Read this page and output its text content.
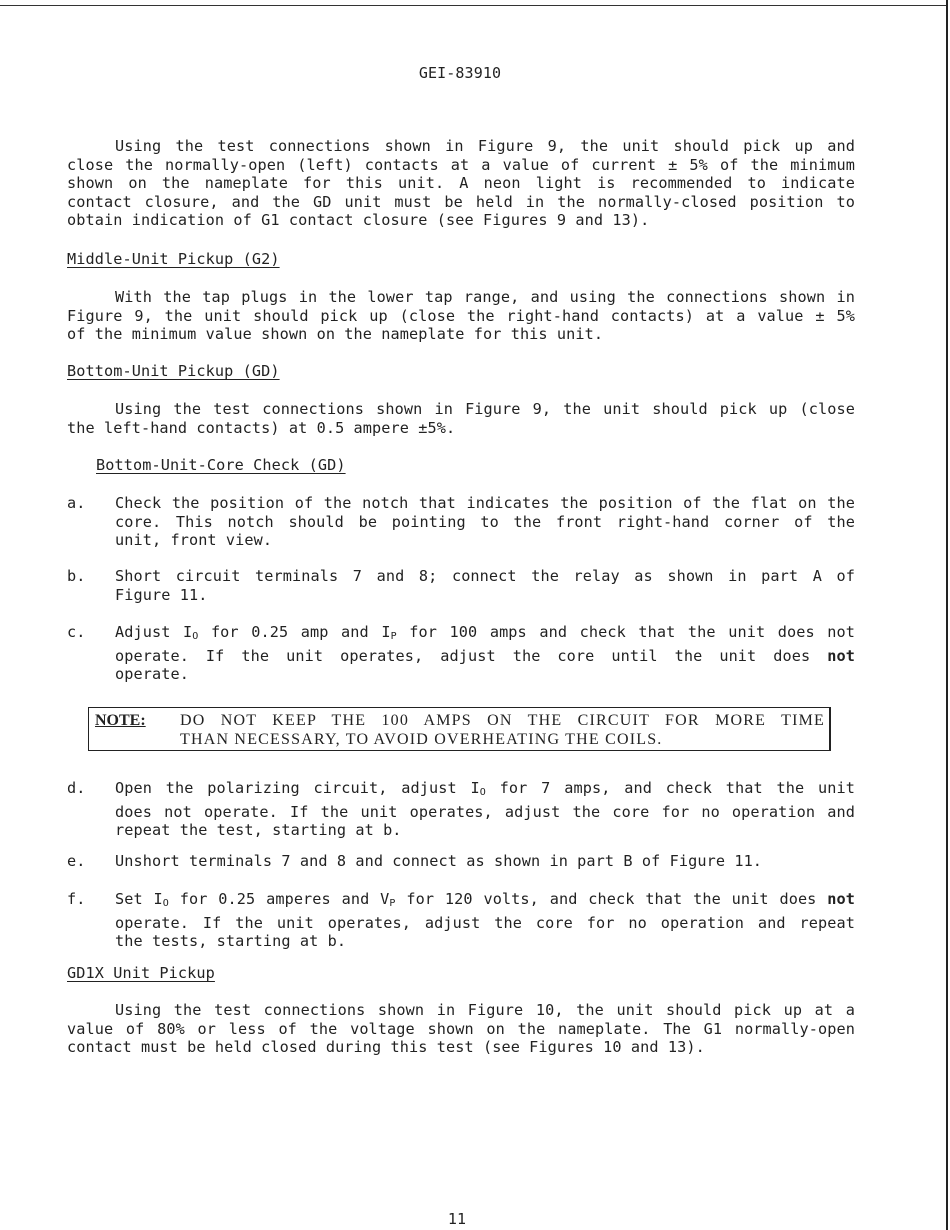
GEI-83910
Using the test connections shown in Figure 9, the unit should pick up and
close the normally-open (left) contacts at a value of current ± 5% of the minimum
shown on the nameplate for this unit. A neon light is recommended to indicate
contact closure, and the GD unit must be held in the normally-closed position to
obtain indication of G1 contact closure (see Figures 9 and 13).
Middle-Unit Pickup (G2)
With the tap plugs in the lower tap range, and using the connections shown in
Figure 9, the unit should pick up (close the right-hand contacts) at a value ± 5%
of the minimum value shown on the nameplate for this unit.
Bottom-Unit Pickup (GD)
Using the test connections shown in Figure 9, the unit should pick up (close
the left-hand contacts) at 0.5 ampere ±5%.
Bottom-Unit-Core Check (GD)
a. Check the position of the notch that indicates the position of the flat on the
core. This notch should be pointing to the front right-hand corner of the
unit, front view.
b. Short circuit terminals 7 and 8; connect the relay as shown in part A of
Figure 11.
c. Adjust $I_O$ for 0.25 amp and $I_P$ for 100 amps and check that the unit does not
operate. If the unit operates, adjust the core until the unit does not
operate.
NOTE: DO NOT KEEP THE 100 AMPS ON THE CIRCUIT FOR MORE TIME
THAN NECESSARY, TO AVOID OVERHEATING THE COILS.
d. Open the polarizing circuit, adjust $I_O$ for 7 amps, and check that the unit
does not operate. If the unit operates, adjust the core for no operation and
repeat the test, starting at b.
e. Unshort terminals 7 and 8 and connect as shown in part B of Figure 11.
f. Set $I_O$ for 0.25 amperes and $V_P$ for 120 volts, and check that the unit does not
operate. If the unit operates, adjust the core for no operation and repeat
the tests, starting at b.
GD1X Unit Pickup
Using the test connections shown in Figure 10, the unit should pick up at a
value of 80% or less of the voltage shown on the nameplate. The G1 normally-open
contact must be held closed during this test (see Figures 10 and 13).
11
